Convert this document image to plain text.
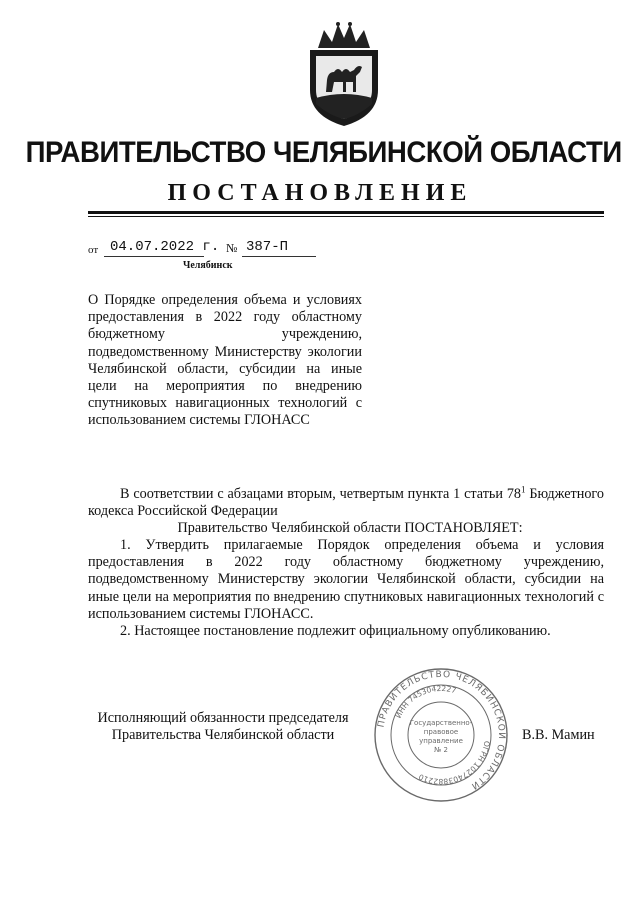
ПРАВИТЕЛЬСТВО ЧЕЛЯБИНСКОЙ ОБЛАСТИ
ПОСТАНОВЛЕНИЕ
от 04.07.2022 г. № 387-П
Челябинск
О Порядке определения объема и условиях предоставления в 2022 году областному бюджетному учреждению, подведомственному Министерству экологии Челябинской области, субсидии на иные цели на мероприятия по внедрению спутниковых навигационных технологий с использованием системы ГЛОНАСС
В соответствии с абзацами вторым, четвертым пункта 1 статьи $78^1$ Бюджетного кодекса Российской Федерации
Правительство Челябинской области ПОСТАНОВЛЯЕТ:
1. Утвердить прилагаемые Порядок определения объема и условия предоставления в 2022 году областному бюджетному учреждению, подведомственному Министерству экологии Челябинской области, субсидии на иные цели на мероприятия по внедрению спутниковых навигационных технологий с использованием системы ГЛОНАСС.
2. Настоящее постановление подлежит официальному опубликованию.
Исполняющий обязанности председателя
Правительства Челябинской области	В.В. Мамин
ПРАВИТЕЛЬСТВО ЧЕЛЯБИНСКОЙ ОБЛАСТИ
ОГРН 1027403882210
ИНН 7453042227
Государственно-
правовое
управление
№ 2
